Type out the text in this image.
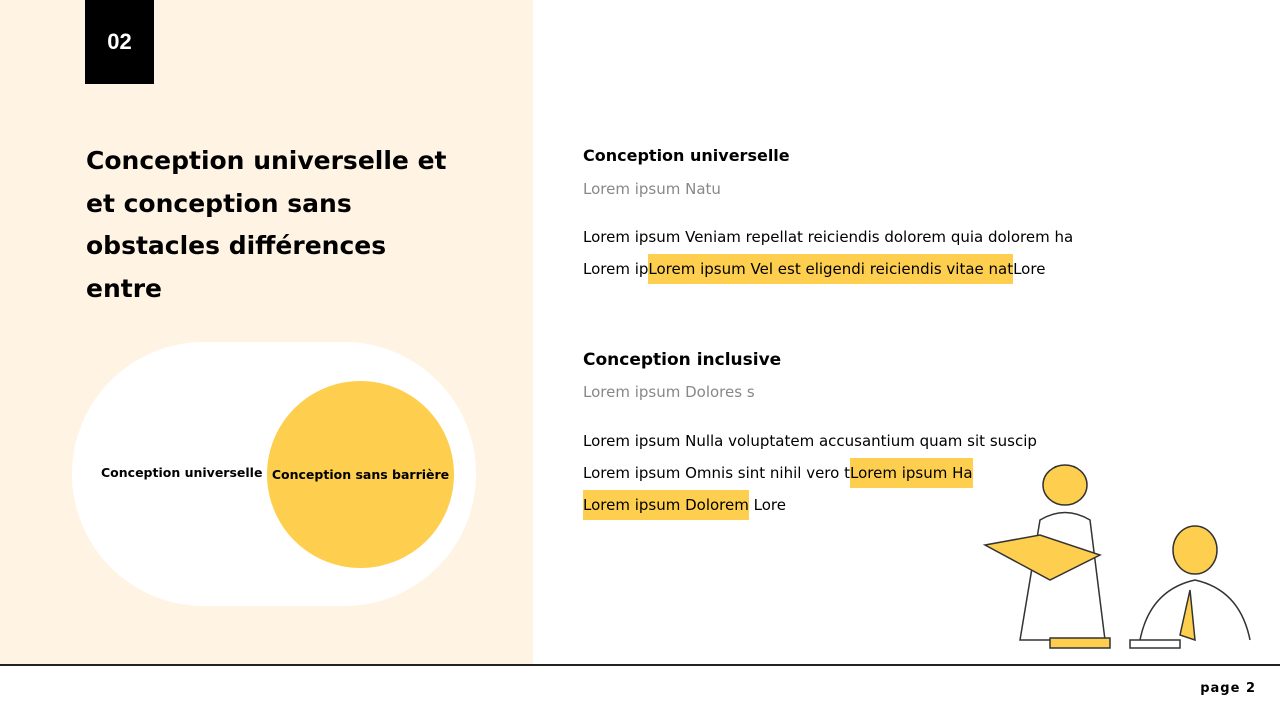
02
Conception universelle et et conception sans obstacles différences entre
Conception universelle Conception sans barrière
Conception universelle
Lorem ipsum Natu
Lorem ipsum Veniam repellat reiciendis dolorem quia dolorem ha
Lorem ipLorem ipsum Vel est eligendi reiciendis vitae natLore
Conception inclusive
Lorem ipsum Dolores s
Lorem ipsum Nulla voluptatem accusantium quam sit suscip
Lorem ipsum Omnis sint nihil vero tLorem ipsum Ha
Lorem ipsum Dolorem Lore
page 2
